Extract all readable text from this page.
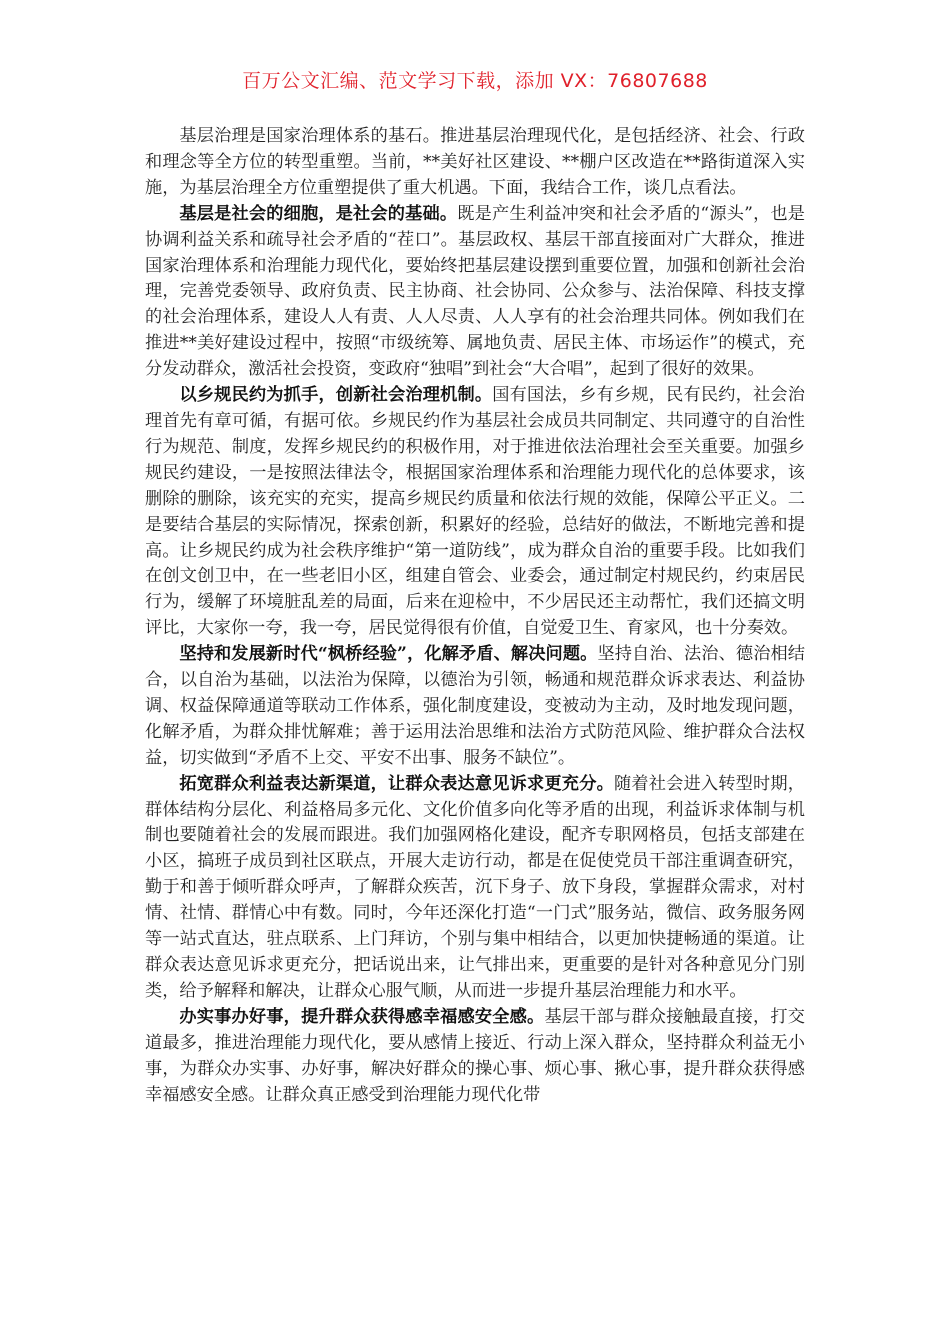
百万公文汇编、范文学习下载，添加 VX：76807688

基层治理是国家治理体系的基石。推进基层治理现代化，是包括经济、社会、行政和理念等全方位的转型重塑。当前，**美好社区建设、**棚户区改造在**路街道深入实施，为基层治理全方位重塑提供了重大机遇。下面，我结合工作，谈几点看法。

基层是社会的细胞，是社会的基础。既是产生利益冲突和社会矛盾的“源头”，也是协调利益关系和疏导社会矛盾的“茬口”。基层政权、基层干部直接面对广大群众，推进国家治理体系和治理能力现代化，要始终把基层建设摆到重要位置，加强和创新社会治理，完善党委领导、政府负责、民主协商、社会协同、公众参与、法治保障、科技支撑的社会治理体系，建设人人有责、人人尽责、人人享有的社会治理共同体。例如我们在推进**美好建设过程中，按照“市级统筹、属地负责、居民主体、市场运作”的模式，充分发动群众，激活社会投资，变政府“独唱”到社会“大合唱”，起到了很好的效果。

以乡规民约为抓手，创新社会治理机制。国有国法，乡有乡规，民有民约，社会治理首先有章可循，有据可依。乡规民约作为基层社会成员共同制定、共同遵守的自治性行为规范、制度，发挥乡规民约的积极作用，对于推进依法治理社会至关重要。加强乡规民约建设，一是按照法律法令，根据国家治理体系和治理能力现代化的总体要求，该删除的删除，该充实的充实，提高乡规民约质量和依法行规的效能，保障公平正义。二是要结合基层的实际情况，探索创新，积累好的经验，总结好的做法，不断地完善和提高。让乡规民约成为社会秩序维护“第一道防线”，成为群众自治的重要手段。比如我们在创文创卫中，在一些老旧小区，组建自管会、业委会，通过制定村规民约，约束居民行为，缓解了环境脏乱差的局面，后来在迎检中，不少居民还主动帮忙，我们还搞文明评比，大家你一夸，我一夸，居民觉得很有价值，自觉爱卫生、育家风，也十分奏效。

坚持和发展新时代“枫桥经验”，化解矛盾、解决问题。坚持自治、法治、德治相结合，以自治为基础，以法治为保障，以德治为引领，畅通和规范群众诉求表达、利益协调、权益保障通道等联动工作体系，强化制度建设，变被动为主动，及时地发现问题，化解矛盾，为群众排忧解难；善于运用法治思维和法治方式防范风险、维护群众合法权益，切实做到“矛盾不上交、平安不出事、服务不缺位”。

拓宽群众利益表达新渠道，让群众表达意见诉求更充分。随着社会进入转型时期，群体结构分层化、利益格局多元化、文化价值多向化等矛盾的出现，利益诉求体制与机制也要随着社会的发展而跟进。我们加强网格化建设，配齐专职网格员，包括支部建在小区，搞班子成员到社区联点，开展大走访行动，都是在促使党员干部注重调查研究，勤于和善于倾听群众呼声，了解群众疾苦，沉下身子、放下身段，掌握群众需求，对村情、社情、群情心中有数。同时，今年还深化打造“一门式”服务站，微信、政务服务网等一站式直达，驻点联系、上门拜访，个别与集中相结合，以更加快捷畅通的渠道。让群众表达意见诉求更充分，把话说出来，让气排出来，更重要的是针对各种意见分门别类，给予解释和解决，让群众心服气顺，从而进一步提升基层治理能力和水平。

办实事办好事，提升群众获得感幸福感安全感。基层干部与群众接触最直接，打交道最多，推进治理能力现代化，要从感情上接近、行动上深入群众，坚持群众利益无小事，为群众办实事、办好事，解决好群众的操心事、烦心事、揪心事，提升群众获得感幸福感安全感。让群众真正感受到治理能力现代化带
